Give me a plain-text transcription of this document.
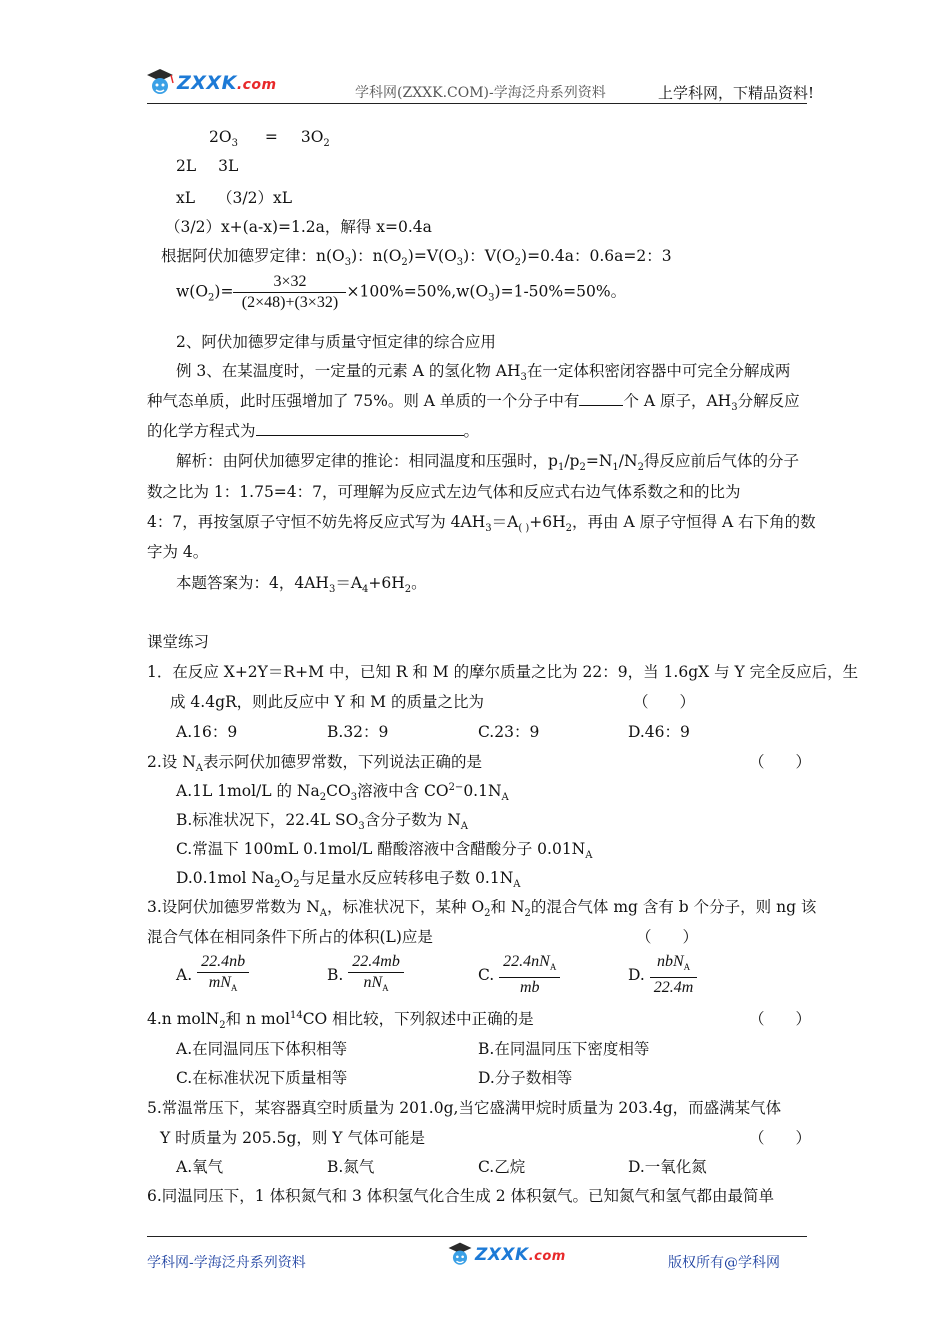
ZXXK.com	学科网(ZXXK.COM)-学海泛舟系列资料	上学科网，下精品资料!
$2O_3 = 3O_2$
2L 3L
xL （3/2）xL
（3/2）x+(a-x)=1.2a，解得 x=0.4a
根据阿伏加德罗定律：$n(O_3)$：$n(O_2)=V(O_3)$：$V(O_2)=0.4a$：0.6a=2：3
$w(O_2)= \frac{3\times 32}{(2\times 48)+(3\times 32)} \times 100\%=50\%,w(O_3)=1-50\%=50\%$。
2、阿伏加德罗定律与质量守恒定律的综合应用
例 3、在某温度时，一定量的元素 A 的氢化物 $AH_3$在一定体积密闭容器中可完全分解成两
种气态单质，此时压强增加了 75%。则 A 单质的一个分子中有	个 A 原子，$AH_3$分解反应
的化学方程式为	。
解析：由阿伏加德罗定律的推论：相同温度和压强时，$p_1/p_2=N_1/N_2$得反应前后气体的分子
数之比为 1：1.75=4：7，可理解为反应式左边气体和反应式右边气体系数之和的比为
4：7，再按氢原子守恒不妨先将反应式写为 $4AH_3=A_{( )}+6H_2$，再由 A 原子守恒得 A 右下角的数
字为 4。
本题答案为：4，$4AH_3=A_4+6H_2$。
课堂练习
1．在反应 X+2Y＝R+M 中，已知 R 和 M 的摩尔质量之比为 22：9，当 1.6gX 与 Y 完全反应后，生
成 4.4gR，则此反应中 Y 和 M 的质量之比为	（　　）
A.16：9	B.32：9	C.23：9	D.46：9
2.设 $N_A$表示阿伏加德罗常数，下列说法正确的是	（　　）
A.1L 1mol/L 的 $Na_2CO_3$溶液中含 $CO^{2-}0.1N_A$
B.标准状况下，22.4L $SO_3$含分子数为 $N_A$
C.常温下 100mL 0.1mol/L 醋酸溶液中含醋酸分子 $0.01N_A$
D.0.1mol $Na_2O_2$与足量水反应转移电子数 $0.1N_A$
3.设阿伏加德罗常数为 $N_A$，标准状况下，某种 $O_2$和 $N_2$的混合气体 mg 含有 b 个分子，则 ng 该
混合气体在相同条件下所占的体积(L)应是	（　　）
A. $\frac{22.4nb}{mN_A}$	B. $\frac{22.4mb}{nN_A}$	C. $\frac{22.4nN_A}{mb}$	D. $\frac{nbN_A}{22.4m}$
4.n molN$_2$和 n mol$^{14}$CO 相比较，下列叙述中正确的是	（　　）
A.在同温同压下体积相等	B.在同温同压下密度相等
C.在标准状况下质量相等	D.分子数相等
5.常温常压下，某容器真空时质量为 201.0g,当它盛满甲烷时质量为 203.4g，而盛满某气体
Y 时质量为 205.5g，则 Y 气体可能是	（　　）
A.氧气	B.氮气	C.乙烷	D.一氧化氮
6.同温同压下，1 体积氮气和 3 体积氢气化合生成 2 体积氨气。已知氮气和氢气都由最简单
学科网-学海泛舟系列资料	ZXXK.com	版权所有@学科网
